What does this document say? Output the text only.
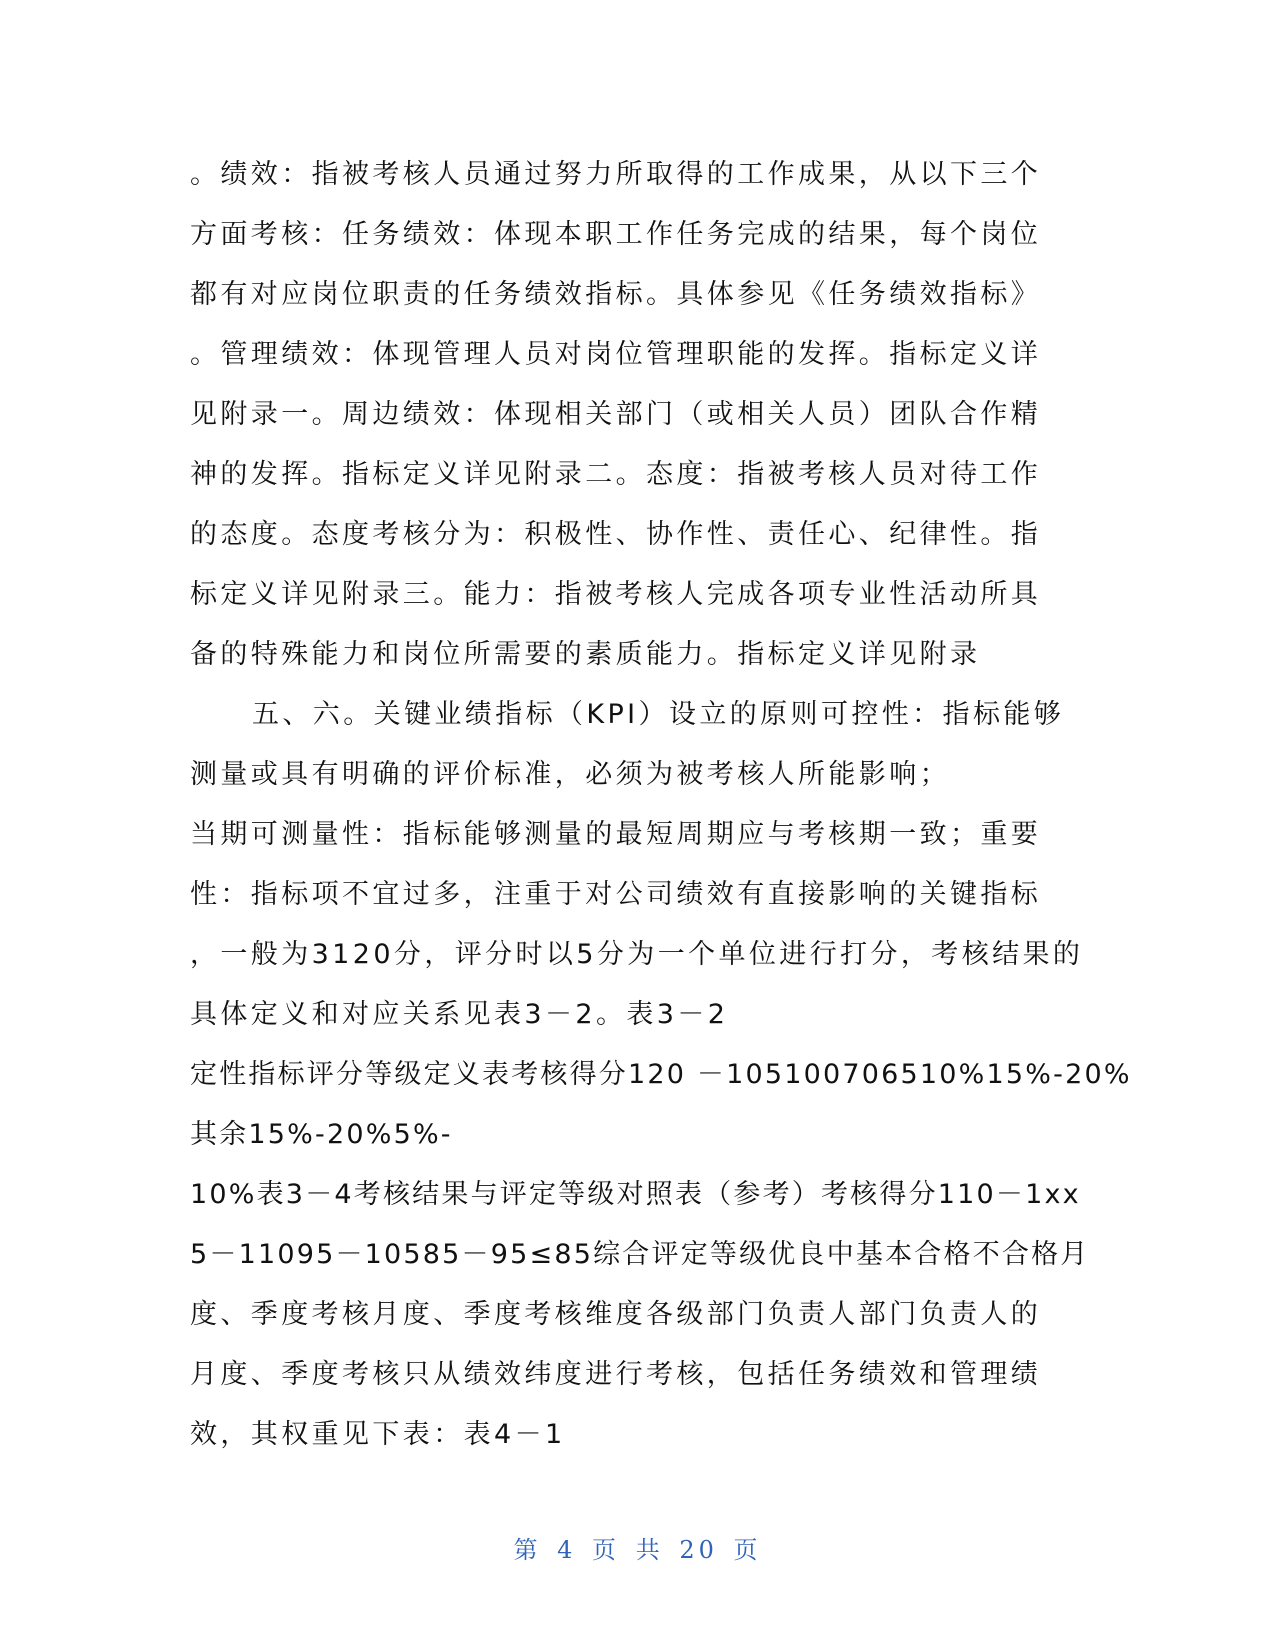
。绩效：指被考核人员通过努力所取得的工作成果，从以下三个
方面考核：任务绩效：体现本职工作任务完成的结果，每个岗位
都有对应岗位职责的任务绩效指标。具体参见《任务绩效指标》
。管理绩效：体现管理人员对岗位管理职能的发挥。指标定义详
见附录一。周边绩效：体现相关部门（或相关人员）团队合作精
神的发挥。指标定义详见附录二。态度：指被考核人员对待工作
的态度。态度考核分为：积极性、协作性、责任心、纪律性。指
标定义详见附录三。能力：指被考核人完成各项专业性活动所具
备的特殊能力和岗位所需要的素质能力。指标定义详见附录
五、六。关键业绩指标（KPI）设立的原则可控性：指标能够
测量或具有明确的评价标准，必须为被考核人所能影响；
当期可测量性：指标能够测量的最短周期应与考核期一致；重要
性：指标项不宜过多，注重于对公司绩效有直接影响的关键指标
，一般为3120分，评分时以5分为一个单位进行打分，考核结果的
具体定义和对应关系见表3－2。表3－2
定性指标评分等级定义表考核得分120 －105100706510%15%-20%
其余15%-20%5%-
10%表3－4考核结果与评定等级对照表（参考）考核得分110－1xx
5－11095－10585－95≤85综合评定等级优良中基本合格不合格月
度、季度考核月度、季度考核维度各级部门负责人部门负责人的
月度、季度考核只从绩效纬度进行考核，包括任务绩效和管理绩
效，其权重见下表：表4－1
第 4 页 共 20 页
